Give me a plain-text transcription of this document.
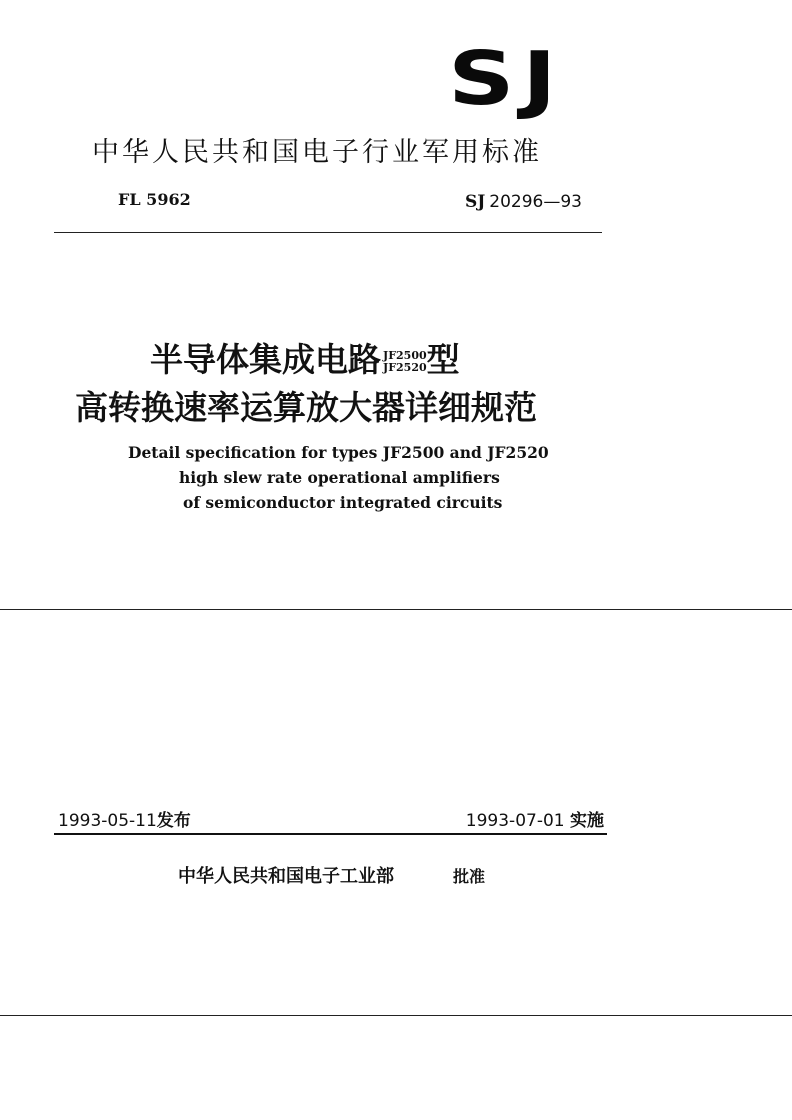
SJ
中华人民共和国电子行业军用标准
FL 5962	SJ 20296—93
半导体集成电路 JF2500
JF2520 型
高转换速率运算放大器详细规范
Detail specification for types JF2500 and JF2520
high slew rate operational amplifiers
of semiconductor integrated circuits
1993-05-11发布	1993-07-01 实施
中华人民共和国电子工业部	批准
